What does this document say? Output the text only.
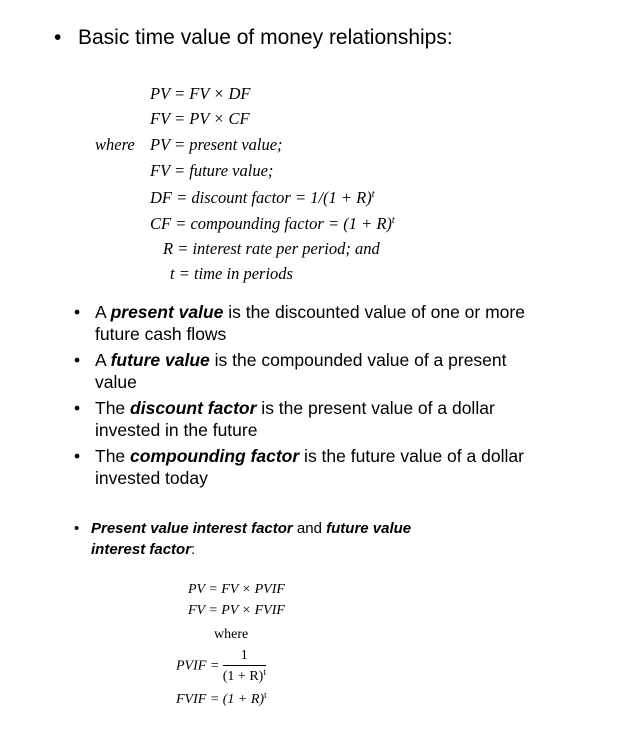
• Basic time value of money relationships:
PV = FV × DF
FV = PV × CF
where PV = present value;
FV = future value;
DF = discount factor = $1/(1 + R)^t$
CF = compounding factor = $(1 + R)^t$
R = interest rate per period; and
t = time in periods

• A present value is the discounted value of one or more future cash flows

• A future value is the compounded value of a present value

• The discount factor is the present value of a dollar invested in the future

• The compounding factor is the future value of a dollar invested today

• Present value interest factor and future value interest factor:
PV = FV × PVIF
FV = PV × FVIF
where
PVIF = $\frac{1}{(1 + R)^t}$
FVIF = $(1 + R)^t$
